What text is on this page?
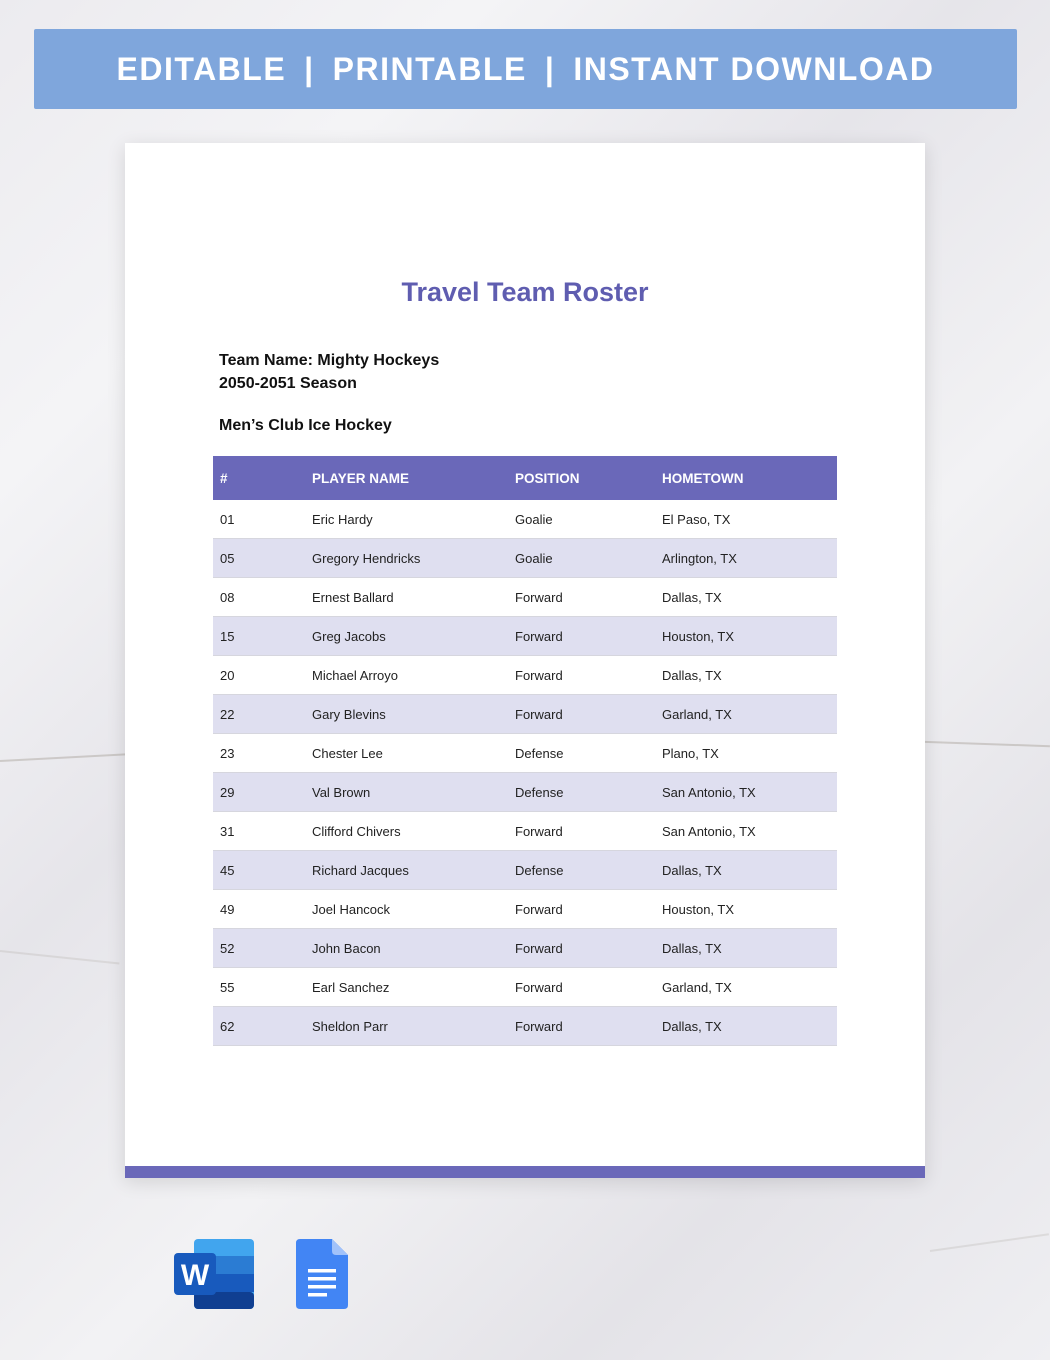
EDITABLE | PRINTABLE | INSTANT DOWNLOAD
Travel Team Roster
Team Name: Mighty Hockeys
2050-2051 Season
Men’s Club Ice Hockey
#	PLAYER NAME	POSITION	HOMETOWN
01	Eric Hardy	Goalie	El Paso, TX
05	Gregory Hendricks	Goalie	Arlington, TX
08	Ernest Ballard	Forward	Dallas, TX
15	Greg Jacobs	Forward	Houston, TX
20	Michael Arroyo	Forward	Dallas, TX
22	Gary Blevins	Forward	Garland, TX
23	Chester Lee	Defense	Plano, TX
29	Val Brown	Defense	San Antonio, TX
31	Clifford Chivers	Forward	San Antonio, TX
45	Richard Jacques	Defense	Dallas, TX
49	Joel Hancock	Forward	Houston, TX
52	John Bacon	Forward	Dallas, TX
55	Earl Sanchez	Forward	Garland, TX
62	Sheldon Parr	Forward	Dallas, TX
W
